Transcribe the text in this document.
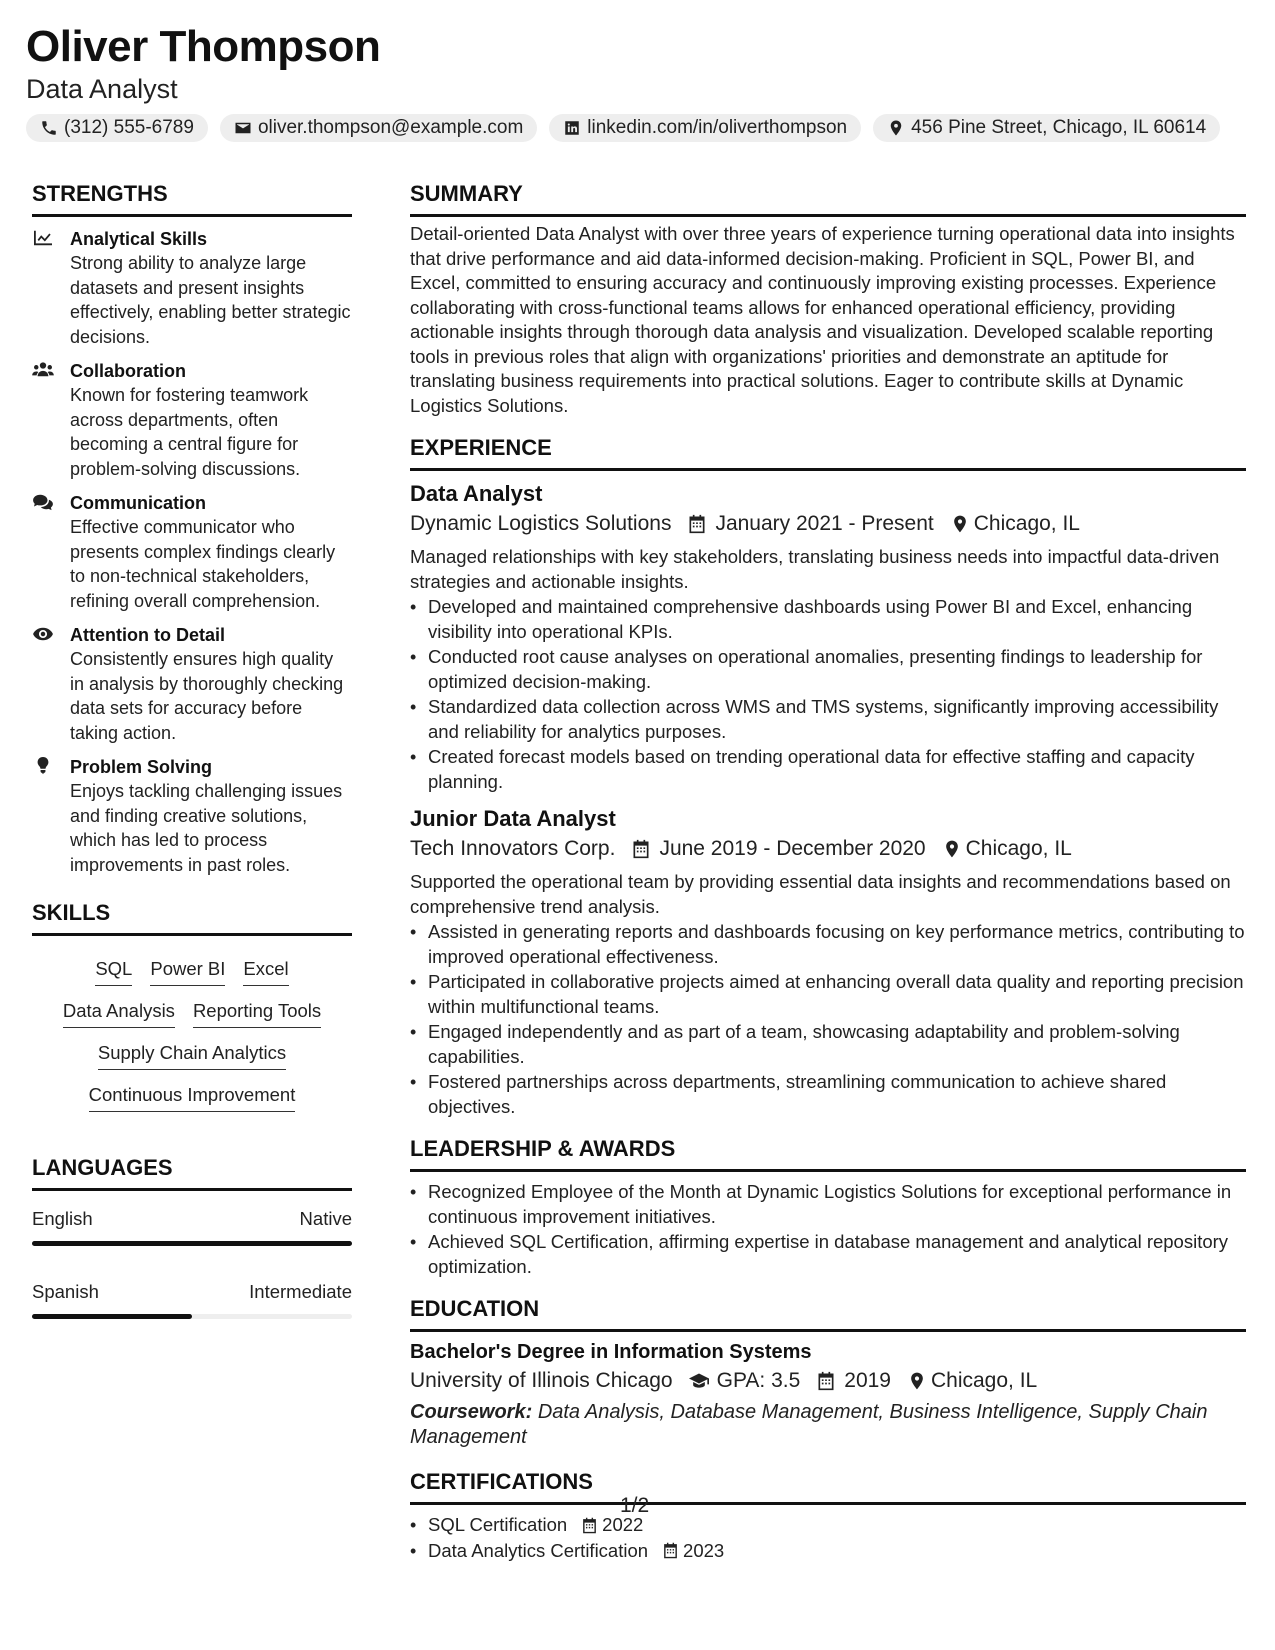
Oliver Thompson
Data Analyst
(312) 555-6789	oliver.thompson@example.com	linkedin.com/in/oliverthompson	456 Pine Street, Chicago, IL 60614
STRENGTHS
Analytical Skills
Strong ability to analyze large datasets and present insights effectively, enabling better strategic decisions.
Collaboration
Known for fostering teamwork across departments, often becoming a central figure for problem-solving discussions.
Communication
Effective communicator who presents complex findings clearly to non-technical stakeholders, refining overall comprehension.
Attention to Detail
Consistently ensures high quality in analysis by thoroughly checking data sets for accuracy before taking action.
Problem Solving
Enjoys tackling challenging issues and finding creative solutions, which has led to process improvements in past roles.
SKILLS
SQL Power BI Excel
Data Analysis Reporting Tools
Supply Chain Analytics
Continuous Improvement
LANGUAGES
English	Native
Spanish	Intermediate
SUMMARY
Detail-oriented Data Analyst with over three years of experience turning operational data into insights that drive performance and aid data-informed decision-making. Proficient in SQL, Power BI, and Excel, committed to ensuring accuracy and continuously improving existing processes. Experience collaborating with cross-functional teams allows for enhanced operational efficiency, providing actionable insights through thorough data analysis and visualization. Developed scalable reporting tools in previous roles that align with organizations' priorities and demonstrate an aptitude for translating business requirements into practical solutions. Eager to contribute skills at Dynamic Logistics Solutions.
EXPERIENCE
Data Analyst
Dynamic Logistics Solutions January 2021 - Present Chicago, IL
Managed relationships with key stakeholders, translating business needs into impactful data-driven strategies and actionable insights.
• Developed and maintained comprehensive dashboards using Power BI and Excel, enhancing visibility into operational KPIs.
• Conducted root cause analyses on operational anomalies, presenting findings to leadership for optimized decision-making.
• Standardized data collection across WMS and TMS systems, significantly improving accessibility and reliability for analytics purposes.
• Created forecast models based on trending operational data for effective staffing and capacity planning.
Junior Data Analyst
Tech Innovators Corp. June 2019 - December 2020 Chicago, IL
Supported the operational team by providing essential data insights and recommendations based on comprehensive trend analysis.
• Assisted in generating reports and dashboards focusing on key performance metrics, contributing to improved operational effectiveness.
• Participated in collaborative projects aimed at enhancing overall data quality and reporting precision within multifunctional teams.
• Engaged independently and as part of a team, showcasing adaptability and problem-solving capabilities.
• Fostered partnerships across departments, streamlining communication to achieve shared objectives.
LEADERSHIP & AWARDS
• Recognized Employee of the Month at Dynamic Logistics Solutions for exceptional performance in continuous improvement initiatives.
• Achieved SQL Certification, affirming expertise in database management and analytical repository optimization.
EDUCATION
Bachelor's Degree in Information Systems
University of Illinois Chicago GPA: 3.5 2019 Chicago, IL
Coursework: Data Analysis, Database Management, Business Intelligence, Supply Chain Management
CERTIFICATIONS
• SQL Certification 2022
• Data Analytics Certification 2023
1/2
